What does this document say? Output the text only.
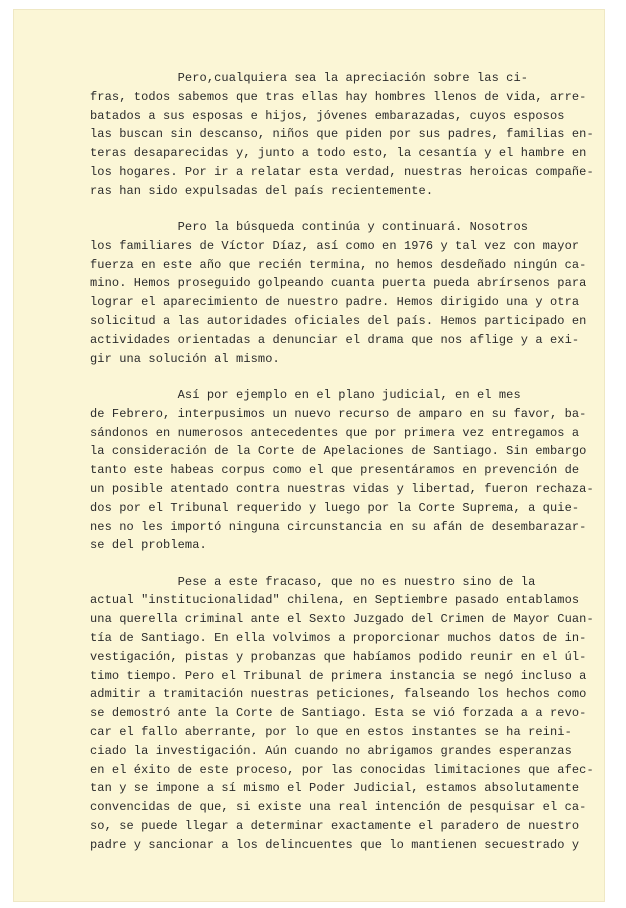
Pero,cualquiera sea la apreciación sobre las ci-
fras, todos sabemos que tras ellas hay hombres llenos de vida, arre-
batados a sus esposas e hijos, jóvenes embarazadas, cuyos esposos
las buscan sin descanso, niños que piden por sus padres, familias en-
teras desaparecidas y, junto a todo esto, la cesantía y el hambre en
los hogares. Por ir a relatar esta verdad, nuestras heroicas compañe-
ras han sido expulsadas del país recientemente.
Pero la búsqueda continúa y continuará. Nosotros
los familiares de Víctor Díaz, así como en 1976 y tal vez con mayor
fuerza en este año que recién termina, no hemos desdeñado ningún ca-
mino. Hemos proseguido golpeando cuanta puerta pueda abrírsenos para
lograr el aparecimiento de nuestro padre. Hemos dirigido una y otra
solicitud a las autoridades oficiales del país. Hemos participado en
actividades orientadas a denunciar el drama que nos aflige y a exi-
gir una solución al mismo.
Así por ejemplo en el plano judicial, en el mes
de Febrero, interpusimos un nuevo recurso de amparo en su favor, ba-
sándonos en numerosos antecedentes que por primera vez entregamos a
la consideración de la Corte de Apelaciones de Santiago. Sin embargo
tanto este habeas corpus como el que presentáramos en prevención de
un posible atentado contra nuestras vidas y libertad, fueron rechaza-
dos por el Tribunal requerido y luego por la Corte Suprema, a quie-
nes no les importó ninguna circunstancia en su afán de desembarazar-
se del problema.
Pese a este fracaso, que no es nuestro sino de la
actual "institucionalidad" chilena, en Septiembre pasado entablamos
una querella criminal ante el Sexto Juzgado del Crimen de Mayor Cuan-
tía de Santiago. En ella volvimos a proporcionar muchos datos de in-
vestigación, pistas y probanzas que habíamos podido reunir en el úl-
timo tiempo. Pero el Tribunal de primera instancia se negó incluso a
admitir a tramitación nuestras peticiones, falseando los hechos como
se demostró ante la Corte de Santiago. Esta se vió forzada a a revo-
car el fallo aberrante, por lo que en estos instantes se ha reini-
ciado la investigación. Aún cuando no abrigamos grandes esperanzas
en el éxito de este proceso, por las conocidas limitaciones que afec-
tan y se impone a sí mismo el Poder Judicial, estamos absolutamente
convencidas de que, si existe una real intención de pesquisar el ca-
so, se puede llegar a determinar exactamente el paradero de nuestro
padre y sancionar a los delincuentes que lo mantienen secuestrado y
